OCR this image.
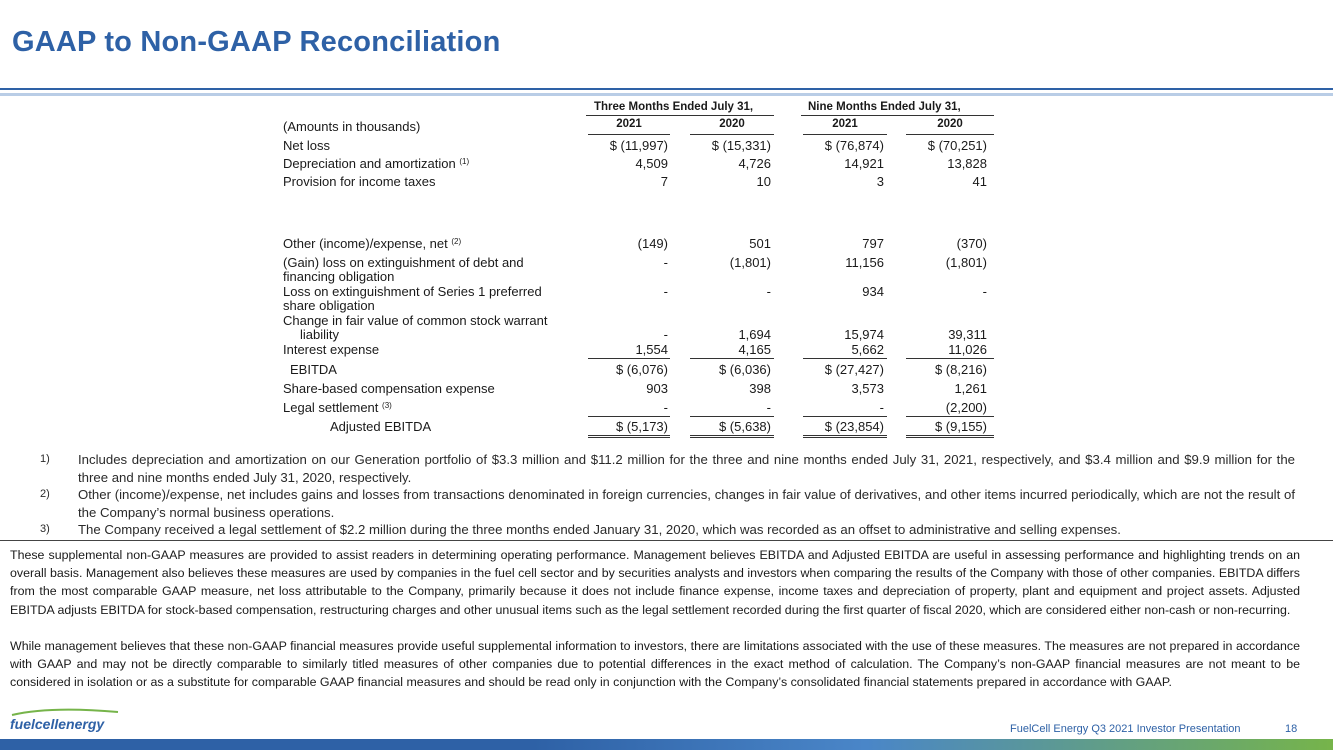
GAAP to Non-GAAP Reconciliation
Three Months Ended July 31,	Nine Months Ended July 31,
(Amounts in thousands)	2021	2020	2021	2020
Net loss	$ (11,997)	$ (15,331)	$ (76,874)	$ (70,251)
Depreciation and amortization $^{(1)}$	4,509	4,726	14,921	13,828
Provision for income taxes	7	10	3	41
Other (income)/expense, net $^{(2)}$	(149)	501	797	(370)
(Gain) loss on extinguishment of debt and
financing obligation
-	(1,801)	11,156	(1,801)
Loss on extinguishment of Series 1 preferred
share obligation
-	-	934	-
Change in fair value of common stock warrant
liability	-	1,694	15,974	39,311
Interest expense	1,554	4,165	5,662	11,026
EBITDA	$ (6,076)	$ (6,036)	$ (27,427)	$ (8,216)
Share-based compensation expense	903	398	3,573	1,261
Legal settlement $^{(3)}$	-	-	-	(2,200)
Adjusted EBITDA	$ (5,173)	$ (5,638)	$ (23,854)	$ (9,155)
1) Includes depreciation and amortization on our Generation portfolio of $3.3 million and $11.2 million for the three and nine months ended July 31, 2021, respectively, and $3.4 million and $9.9 million for the three and nine months ended July 31, 2020, respectively.
2) Other (income)/expense, net includes gains and losses from transactions denominated in foreign currencies, changes in fair value of derivatives, and other items incurred periodically, which are not the result of the Company’s normal business operations.
3) The Company received a legal settlement of $2.2 million during the three months ended January 31, 2020, which was recorded as an offset to administrative and selling expenses.

These supplemental non-GAAP measures are provided to assist readers in determining operating performance. Management believes EBITDA and Adjusted EBITDA are useful in assessing performance and highlighting trends on an overall basis. Management also believes these measures are used by companies in the fuel cell sector and by securities analysts and investors when comparing the results of the Company with those of other companies. EBITDA differs from the most comparable GAAP measure, net loss attributable to the Company, primarily because it does not include finance expense, income taxes and depreciation of property, plant and equipment and project assets. Adjusted EBITDA adjusts EBITDA for stock-based compensation, restructuring charges and other unusual items such as the legal settlement recorded during the first quarter of fiscal 2020, which are considered either non-cash or non-recurring.

While management believes that these non-GAAP financial measures provide useful supplemental information to investors, there are limitations associated with the use of these measures. The measures are not prepared in accordance with GAAP and may not be directly comparable to similarly titled measures of other companies due to potential differences in the exact method of calculation. The Company’s non-GAAP financial measures are not meant to be considered in isolation or as a substitute for comparable GAAP financial measures and should be read only in conjunction with the Company’s consolidated financial statements prepared in accordance with GAAP.

fuelcellenergy	FuelCell Energy Q3 2021 Investor Presentation	18
